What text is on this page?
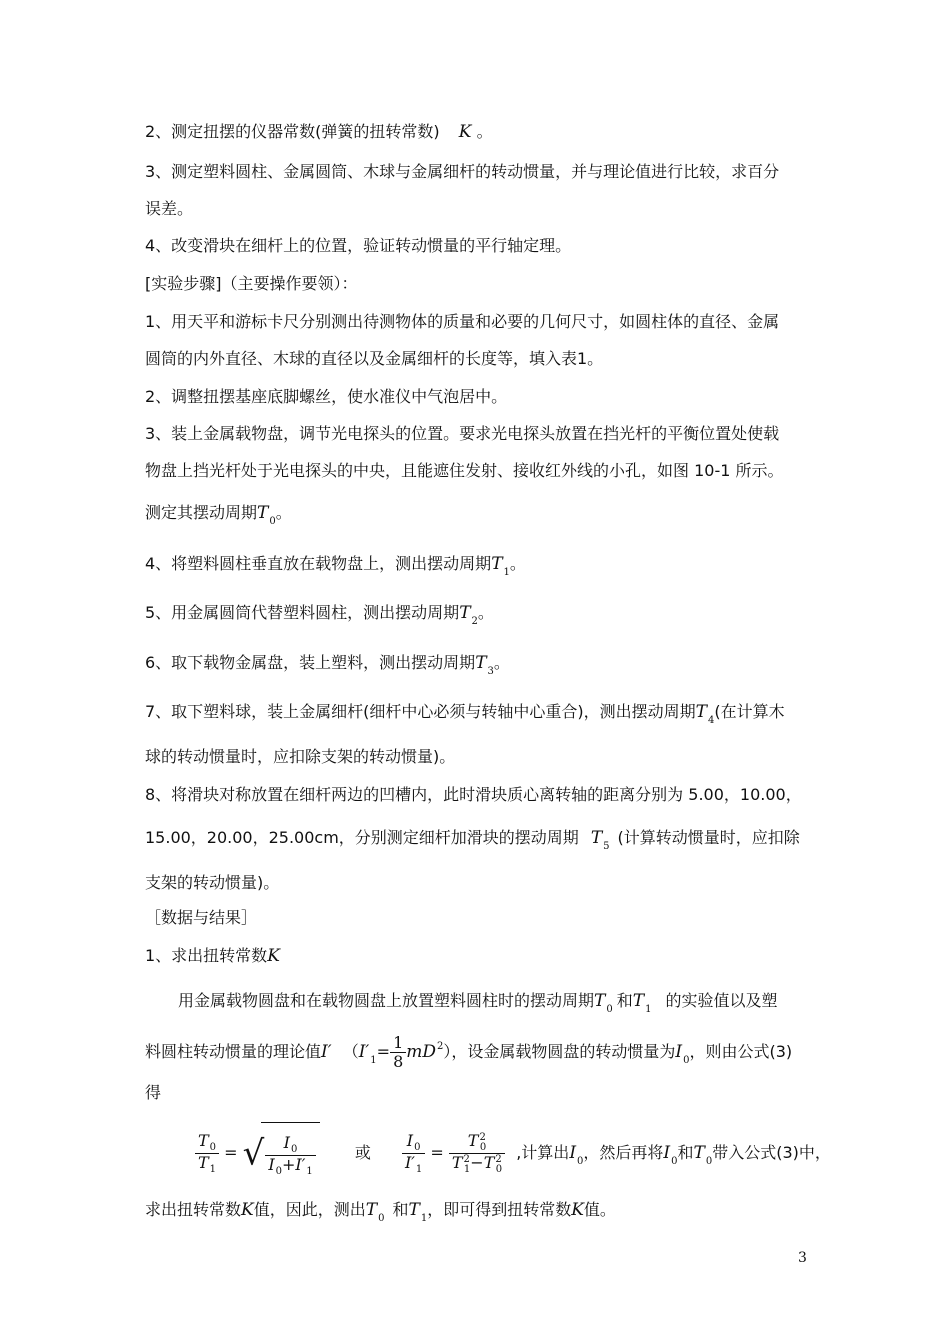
2、测定扭摆的仪器常数(弹簧的扭转常数) K 。
3、测定塑料圆柱、金属圆筒、木球与金属细杆的转动惯量，并与理论值进行比较，求百分
误差。
4、改变滑块在细杆上的位置，验证转动惯量的平行轴定理。
[实验步骤]（主要操作要领）：
1、用天平和游标卡尺分别测出待测物体的质量和必要的几何尺寸，如圆柱体的直径、金属
圆筒的内外直径、木球的直径以及金属细杆的长度等，填入表1。
2、调整扭摆基座底脚螺丝，使水准仪中气泡居中。
3、装上金属载物盘，调节光电探头的位置。要求光电探头放置在挡光杆的平衡位置处使载
物盘上挡光杆处于光电探头的中央，且能遮住发射、接收红外线的小孔，如图 10-1 所示。
测定其摆动周期$T_0$。
4、将塑料圆柱垂直放在载物盘上，测出摆动周期$T_1$。
5、用金属圆筒代替塑料圆柱，测出摆动周期$T_2$。
6、取下载物金属盘，装上塑料，测出摆动周期$T_3$。
7、取下塑料球，装上金属细杆(细杆中心必须与转轴中心重合)，测出摆动周期$T_4$(在计算木
球的转动惯量时，应扣除支架的转动惯量)。
8、将滑块对称放置在细杆两边的凹槽内，此时滑块质心离转轴的距离分别为 5.00，10.00，
15.00，20.00，25.00cm，分别测定细杆加滑块的摆动周期 $T_5$ (计算转动惯量时，应扣除
支架的转动惯量)。
［数据与结果］
1、求出扭转常数K
用金属载物圆盘和在载物圆盘上放置塑料圆柱时的摆动周期$T_0$ 和$T_1$ 的实验值以及塑
料圆柱转动惯量的理论值I′ $(I'_1= \frac{1}{8} mD^2)$，设金属载物圆盘的转动惯量为$I_0$，则由公式(3)
得
$\frac{T_0}{T_1}$ = √ $\frac{I_0}{I_0+I'_1}$ 或 $\frac{I_0}{I'_1} = \frac{T^2_0}{T^2_1-T^2_0}$ ,计算出$I_0$，然后再将$I_0$和$T_0$带入公式(3)中，
求出扭转常数K值，因此，测出$T_0$ 和$T_1$，即可得到扭转常数K值。
3
